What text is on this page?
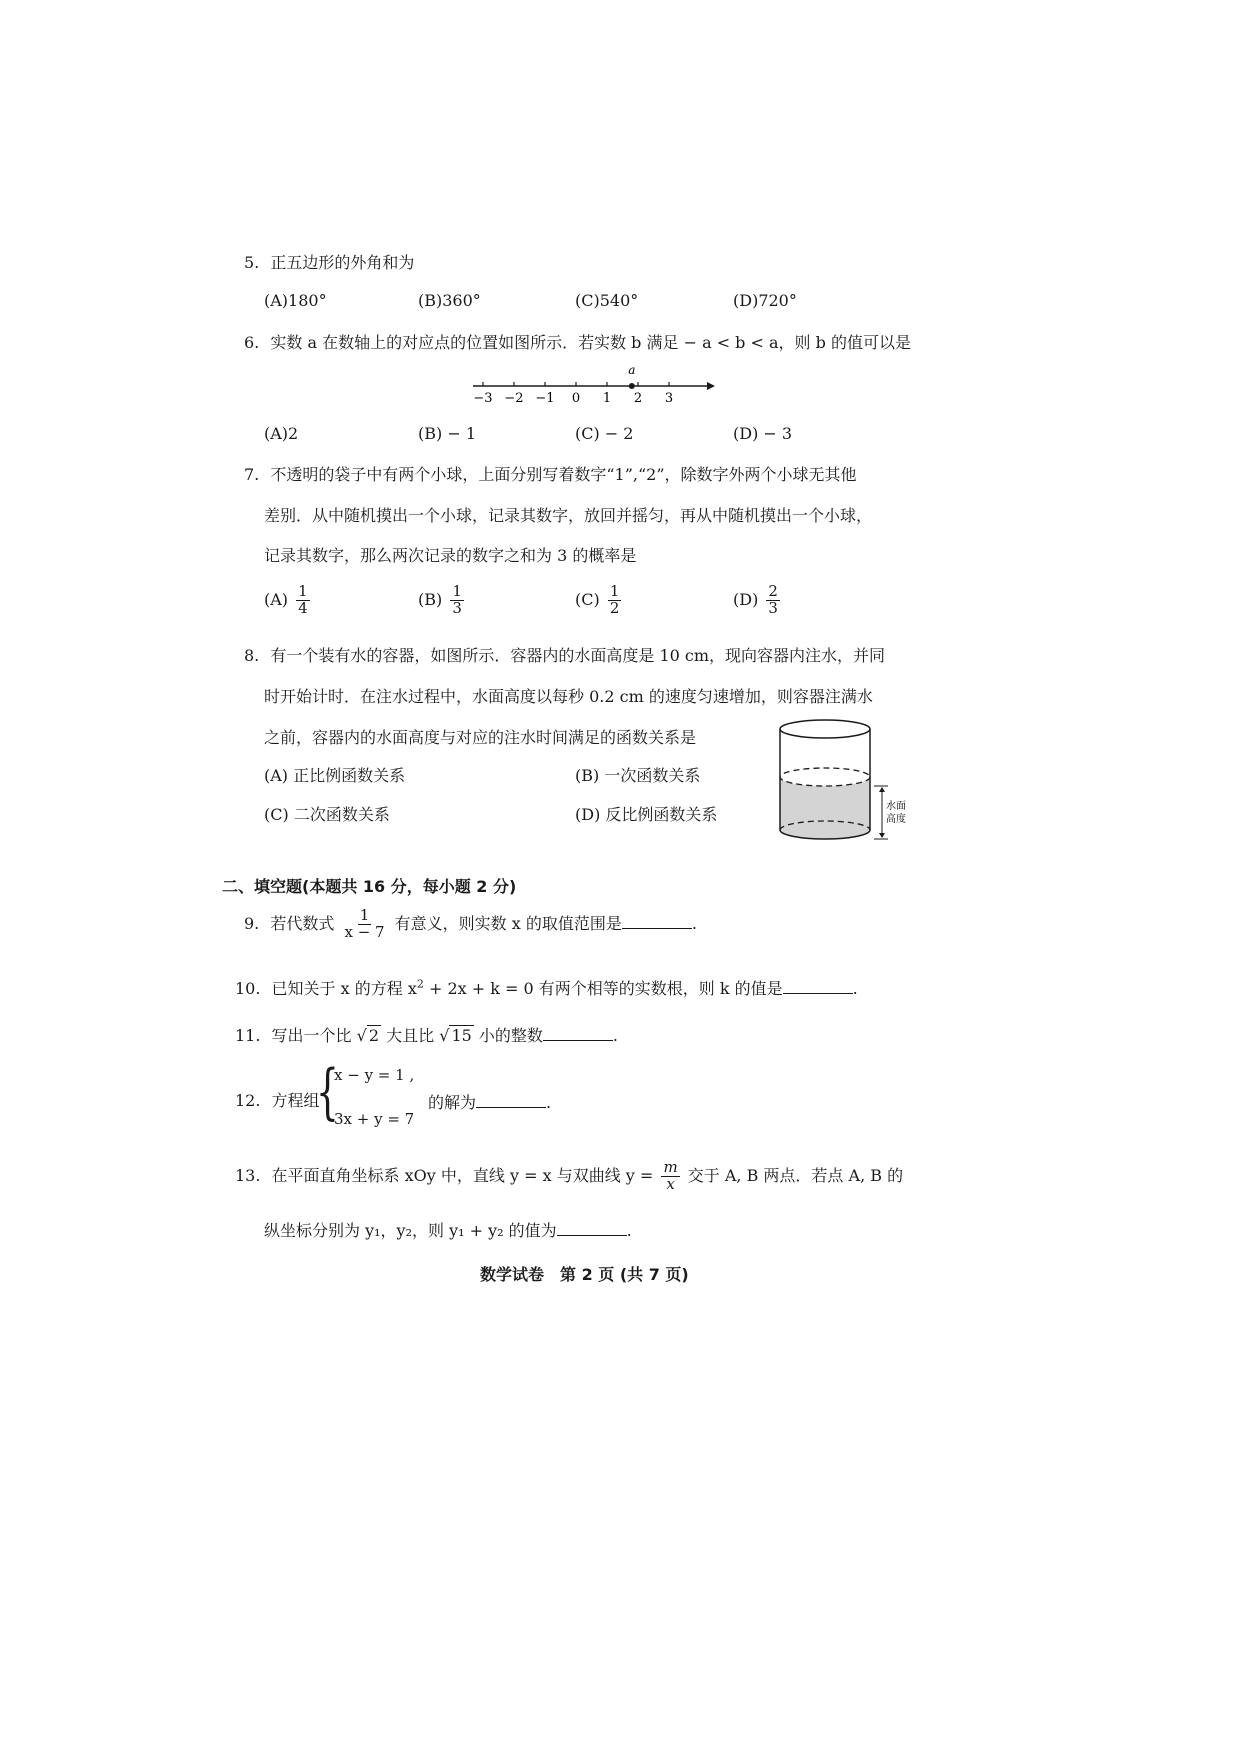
5. 正五边形的外角和为
(A)180°	(B)360°	(C)540°	(D)720°
6. 实数 a 在数轴上的对应点的位置如图所示．若实数 b 满足 − a < b < a，则 b 的值可以是
−3 −2 −1 0 1 2 3
a
(A)2	(B) − 1	(C) − 2	(D) − 3
7. 不透明的袋子中有两个小球，上面分别写着数字“1”,“2”，除数字外两个小球无其他
差别．从中随机摸出一个小球，记录其数字，放回并摇匀，再从中随机摸出一个小球，
记录其数字，那么两次记录的数字之和为 3 的概率是
$(A) \frac{1}{4}$	$(B) \frac{1}{3}$	$(C) \frac{1}{2}$	$(D) \frac{2}{3}$
8. 有一个装有水的容器，如图所示．容器内的水面高度是 10 cm，现向容器内注水，并同
时开始计时．在注水过程中，水面高度以每秒 0.2 cm 的速度匀速增加，则容器注满水
之前，容器内的水面高度与对应的注水时间满足的函数关系是
(A) 正比例函数关系	(B) 一次函数关系
(C) 二次函数关系	(D) 反比例函数关系	水面
高度
二、填空题(本题共 16 分，每小题 2 分)
9. 若代数式 $\frac{1}{x - 7}$ 有意义，则实数 x 的取值范围是	.
10. 已知关于 x 的方程 $x^2 + 2x + k = 0$ 有两个相等的实数根，则 k 的值是	.
11. 写出一个比 √ 2 大且比 √ 15 小的整数	.
12. 方程组
{
x − y = 1 ,
3x + y = 7
的解为	.
13. 在平面直角坐标系 xOy 中，直线 y = x 与双曲线 $y = \frac{m}{x}$ 交于 A, B 两点．若点 A, B 的
纵坐标分别为 y₁，y₂，则 y₁ + y₂ 的值为	.
数学试卷　第 2 页 (共 7 页)
